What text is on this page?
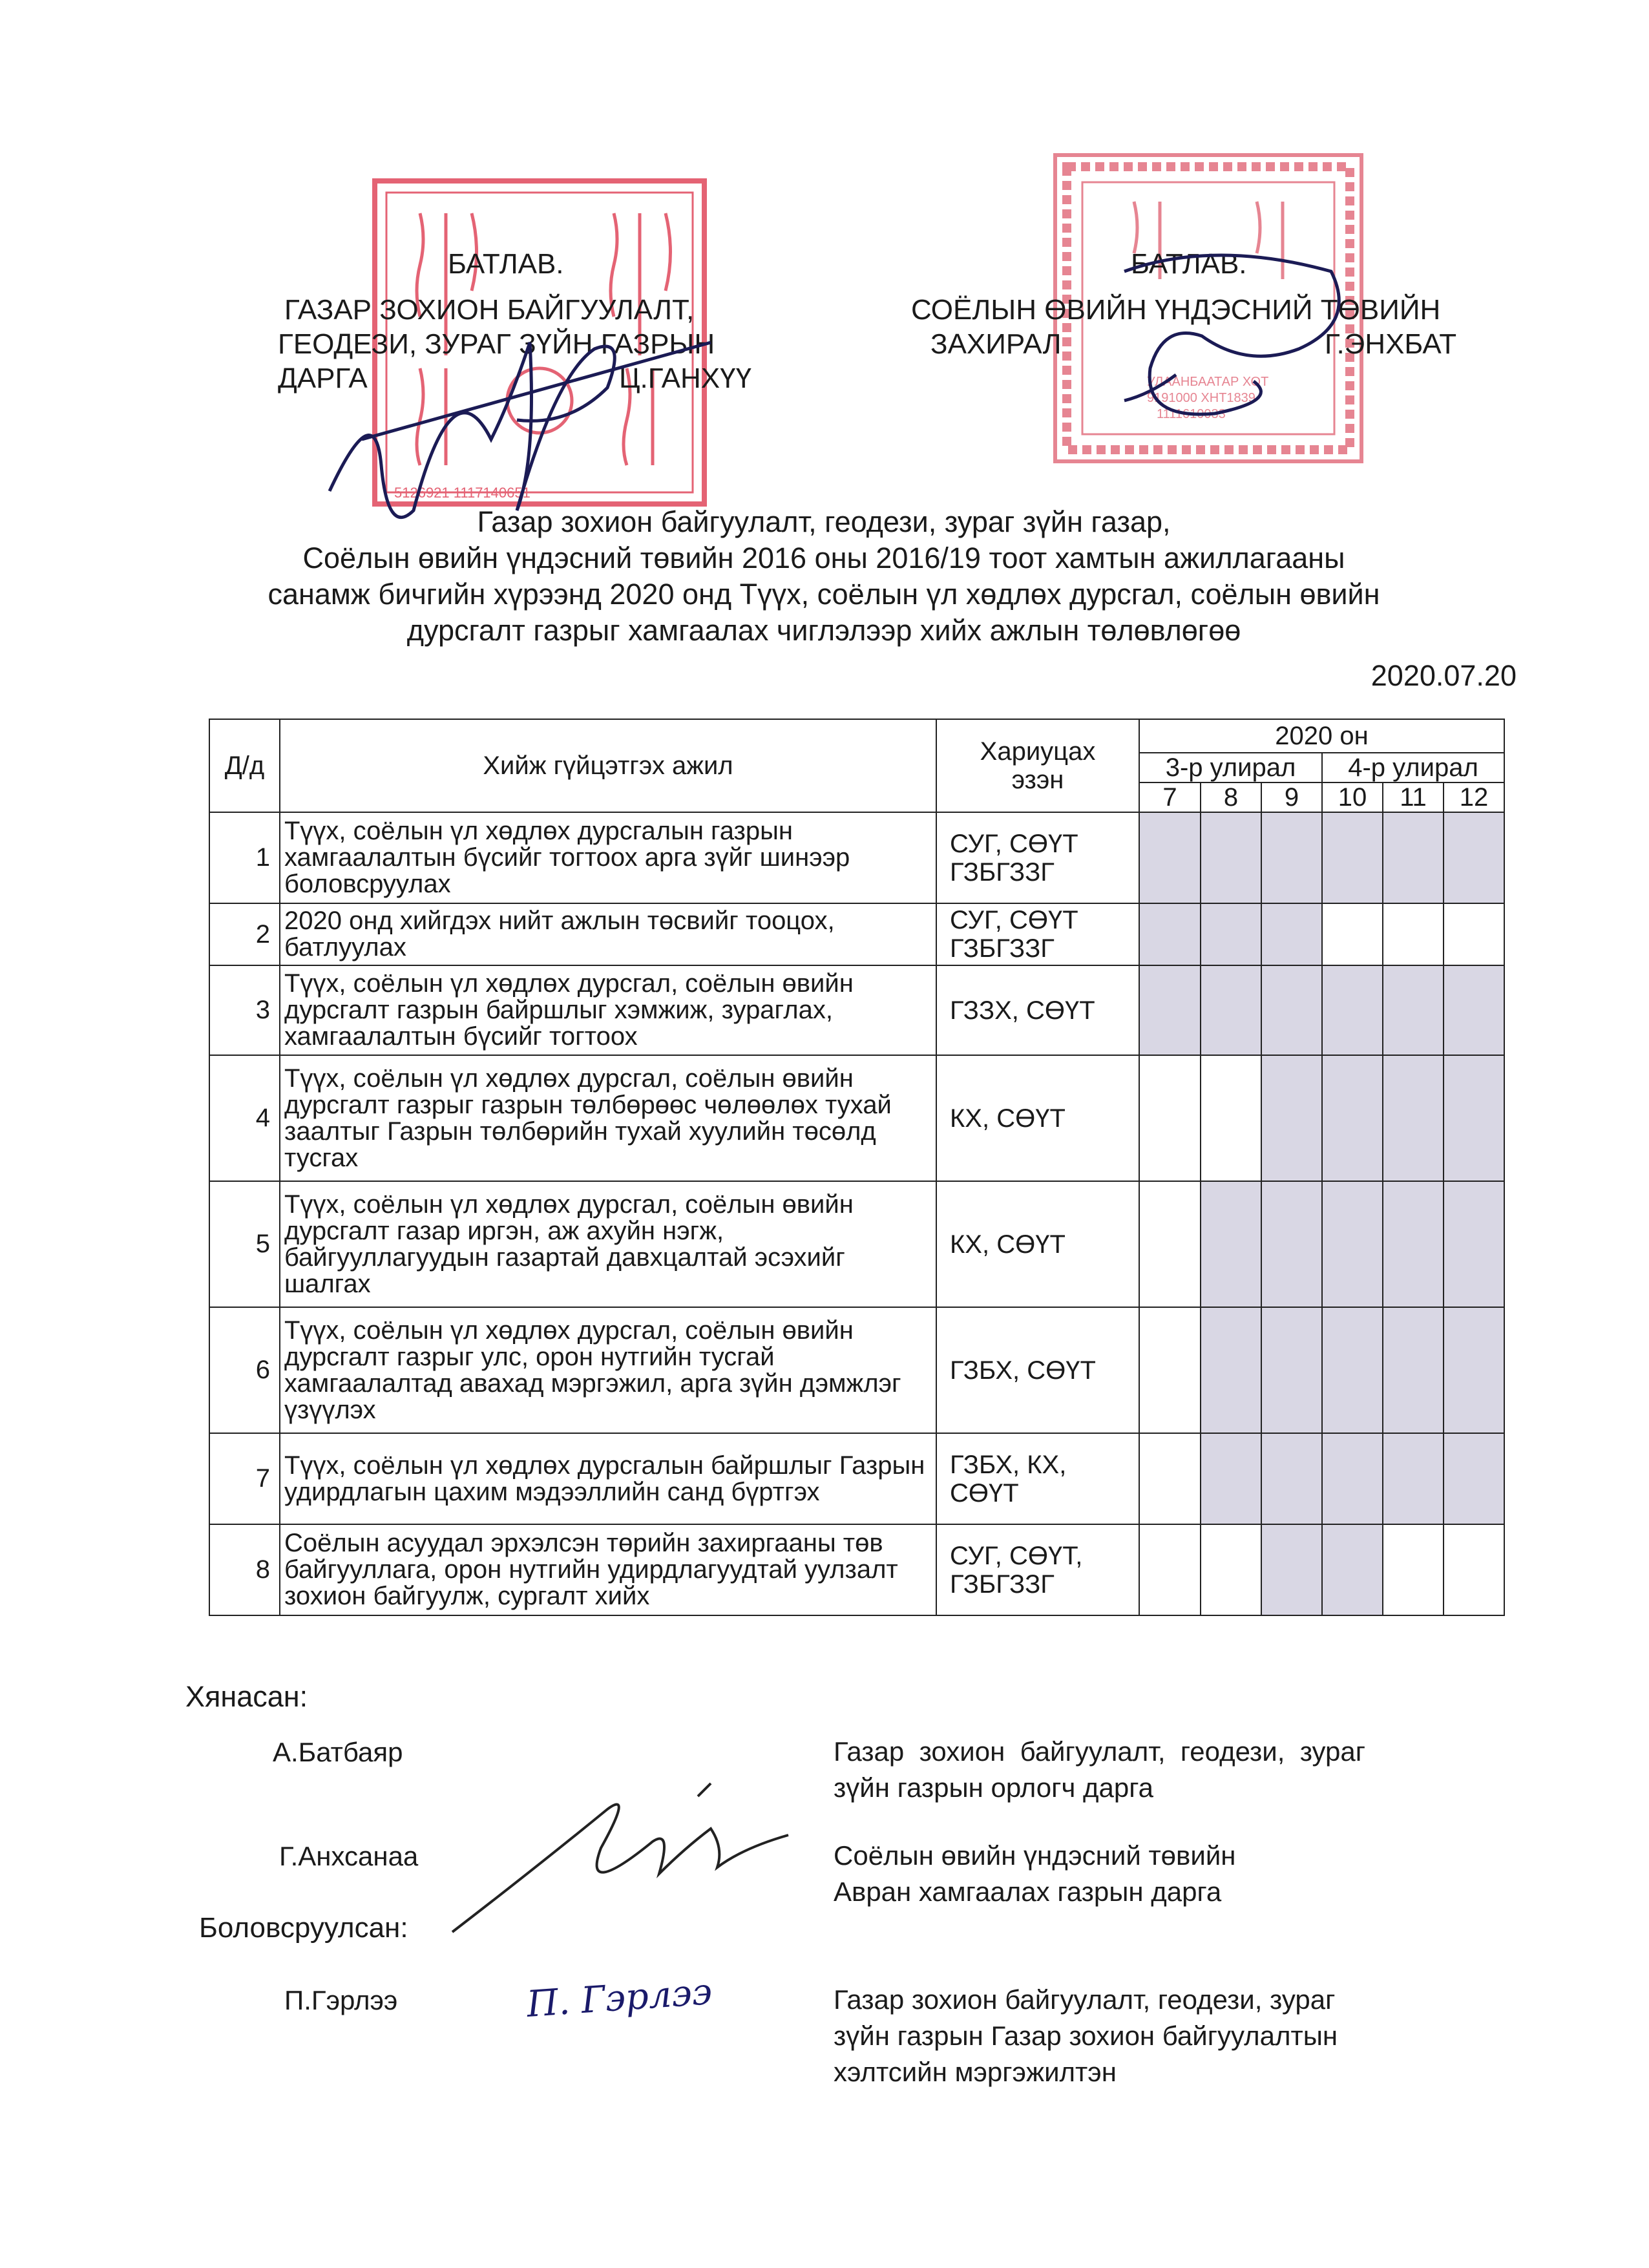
5126921 1117140651
УЛААНБААТАР ХОТ
9191000 ХНТ1839
1111610033
БАТЛАВ.
ГАЗАР ЗОХИОН БАЙГУУЛАЛТ,
ГЕОДЕЗИ, ЗУРАГ ЗҮЙН ГАЗРЫН
ДАРГА	Ц.ГАНХҮҮ
БАТЛАВ.
СОЁЛЫН ӨВИЙН ҮНДЭСНИЙ ТӨВИЙН
ЗАХИРАЛ	Г.ЭНХБАТ
Газар зохион байгуулалт, геодези, зураг зүйн газар,
Соёлын өвийн үндэсний төвийн 2016 оны 2016/19 тоот хамтын ажиллагааны
санамж бичгийн хүрээнд 2020 онд Түүх, соёлын үл хөдлөх дурсгал, соёлын өвийн
дурсгалт газрыг хамгаалах чиглэлээр хийх ажлын төлөвлөгөө
2020.07.20
Д/д	Хийж гүйцэтгэх ажил	Хариуцах эзэн	2020 он					
			3-р улирал			4-р улирал		
			7	8	9	10	11	12
1	Түүх, соёлын үл хөдлөх дурсгалын газрын хамгаалалтын бүсийг тогтоох арга зүйг шинээр боловсруулах	СУГ, СӨҮТ ГЗБГЗЗГ						
2	2020 онд хийгдэх нийт ажлын төсвийг тооцох, батлуулах	СУГ, СӨҮТ ГЗБГЗЗГ						
3	Түүх, соёлын үл хөдлөх дурсгал, соёлын өвийн дурсгалт газрын байршлыг хэмжиж, зураглах, хамгаалалтын бүсийг тогтоох	ГЗЗХ, СӨҮТ						
4	Түүх, соёлын үл хөдлөх дурсгал, соёлын өвийн дурсгалт газрыг газрын төлбөрөөс чөлөөлөх тухай заалтыг Газрын төлбөрийн тухай хуулийн төсөлд тусгах	КХ, СӨҮТ						
5	Түүх, соёлын үл хөдлөх дурсгал, соёлын өвийн дурсгалт газар иргэн, аж ахуйн нэгж, байгууллагуудын газартай давхцалтай эсэхийг шалгах	КХ, СӨҮТ						
6	Түүх, соёлын үл хөдлөх дурсгал, соёлын өвийн дурсгалт газрыг улс, орон нутгийн тусгай хамгаалалтад авахад мэргэжил, арга зүйн дэмжлэг үзүүлэх	ГЗБХ, СӨҮТ						
7	Түүх, соёлын үл хөдлөх дурсгалын байршлыг Газрын удирдлагын цахим мэдээллийн санд бүртгэх	ГЗБХ, КХ, СӨҮТ						
8	Соёлын асуудал эрхэлсэн төрийн захиргааны төв байгууллага, орон нутгийн удирдлагуудтай уулзалт зохион байгуулж, сургалт хийх	СУГ, СӨҮТ, ГЗБГЗЗГ						
Хянасан:
А.Батбаяр	Газар  зохион  байгуулалт,  геодези,  зураг
зүйн газрын орлогч дарга
Г.Анхсанаа	Соёлын өвийн үндэсний төвийн
Авран хамгаалах газрын дарга
Боловсруулсан:
П.Гэрлээ	Газар зохион байгуулалт, геодези, зураг
зүйн газрын Газар зохион байгуулалтын
хэлтсийн мэргэжилтэн
П. Гэрлээ
